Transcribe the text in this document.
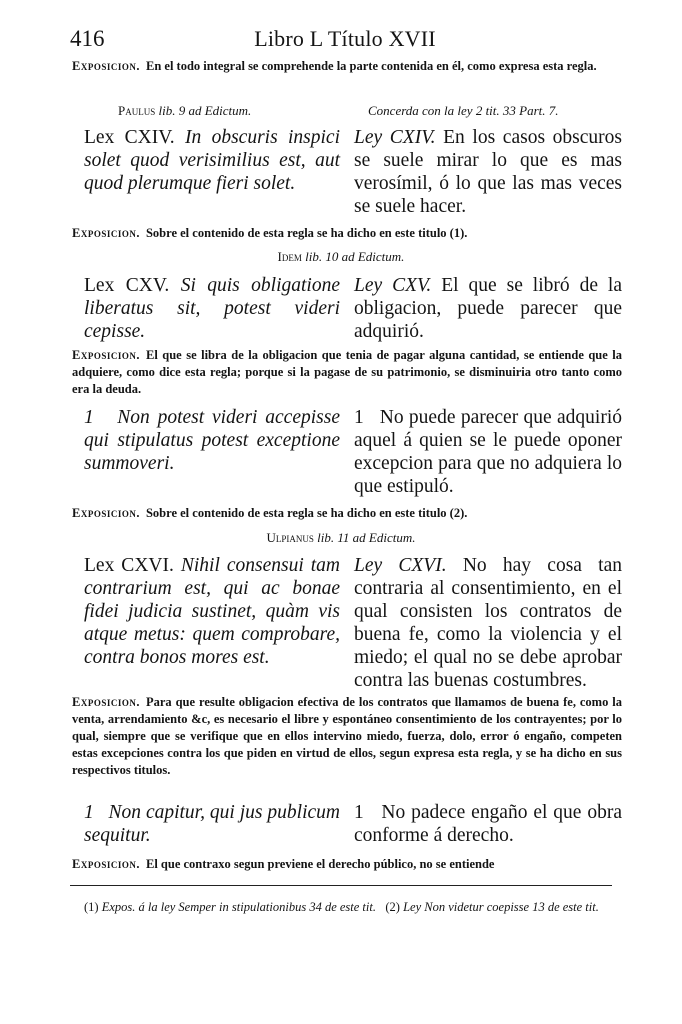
416	Libro L Título XVII
Exposicion. En el todo integral se comprehende la parte contenida en él, como expresa esta regla.
Paulus lib. 9 ad Edictum.	Concerda con la ley 2 tit. 33 Part. 7.
Lex CXIV. In obscuris inspici solet quod verisimilius est, aut quod plerumque fieri solet.
Ley CXIV. En los casos obscuros se suele mirar lo que es mas verosímil, ó lo que las mas veces se suele hacer.
Exposicion. Sobre el contenido de esta regla se ha dicho en este titulo (1).
Idem lib. 10 ad Edictum.
Lex CXV. Si quis obligatione liberatus sit, potest videri cepisse.
Ley CXV. El que se libró de la obligacion, puede parecer que adquirió.
Exposicion. El que se libra de la obligacion que tenia de pagar alguna cantidad, se entiende que la adquiere, como dice esta regla; porque si la pagase de su patrimonio, se disminuiria otro tanto como era la deuda.
1 Non potest videri accepisse qui stipulatus potest exceptione summoveri.
1 No puede parecer que adquirió aquel á quien se le puede oponer excepcion para que no adquiera lo que estipuló.
Exposicion. Sobre el contenido de esta regla se ha dicho en este titulo (2).
Ulpianus lib. 11 ad Edictum.
Lex CXVI. Nihil consensui tam contrarium est, qui ac bonae fidei judicia sustinet, quàm vis atque metus: quem comprobare, contra bonos mores est.
Ley CXVI. No hay cosa tan contraria al consentimiento, en el qual consisten los contratos de buena fe, como la violencia y el miedo; el qual no se debe aprobar contra las buenas costumbres.
Exposicion. Para que resulte obligacion efectiva de los contratos que llamamos de buena fe, como la venta, arrendamiento &c, es necesario el libre y espontáneo consentimiento de los contrayentes; por lo qual, siempre que se verifique que en ellos intervino miedo, fuerza, dolo, error ó engaño, competen estas excepciones contra los que piden en virtud de ellos, segun expresa esta regla, y se ha dicho en sus respectivos titulos.
1 Non capitur, qui jus publicum sequitur.
1 No padece engaño el que obra conforme á derecho.
Exposicion. El que contraxo segun previene el derecho público, no se entiende
(1) Expos. á la ley Semper in stipulationibus 34 de este tit. (2) Ley Non videtur coepisse 13 de este tit.
